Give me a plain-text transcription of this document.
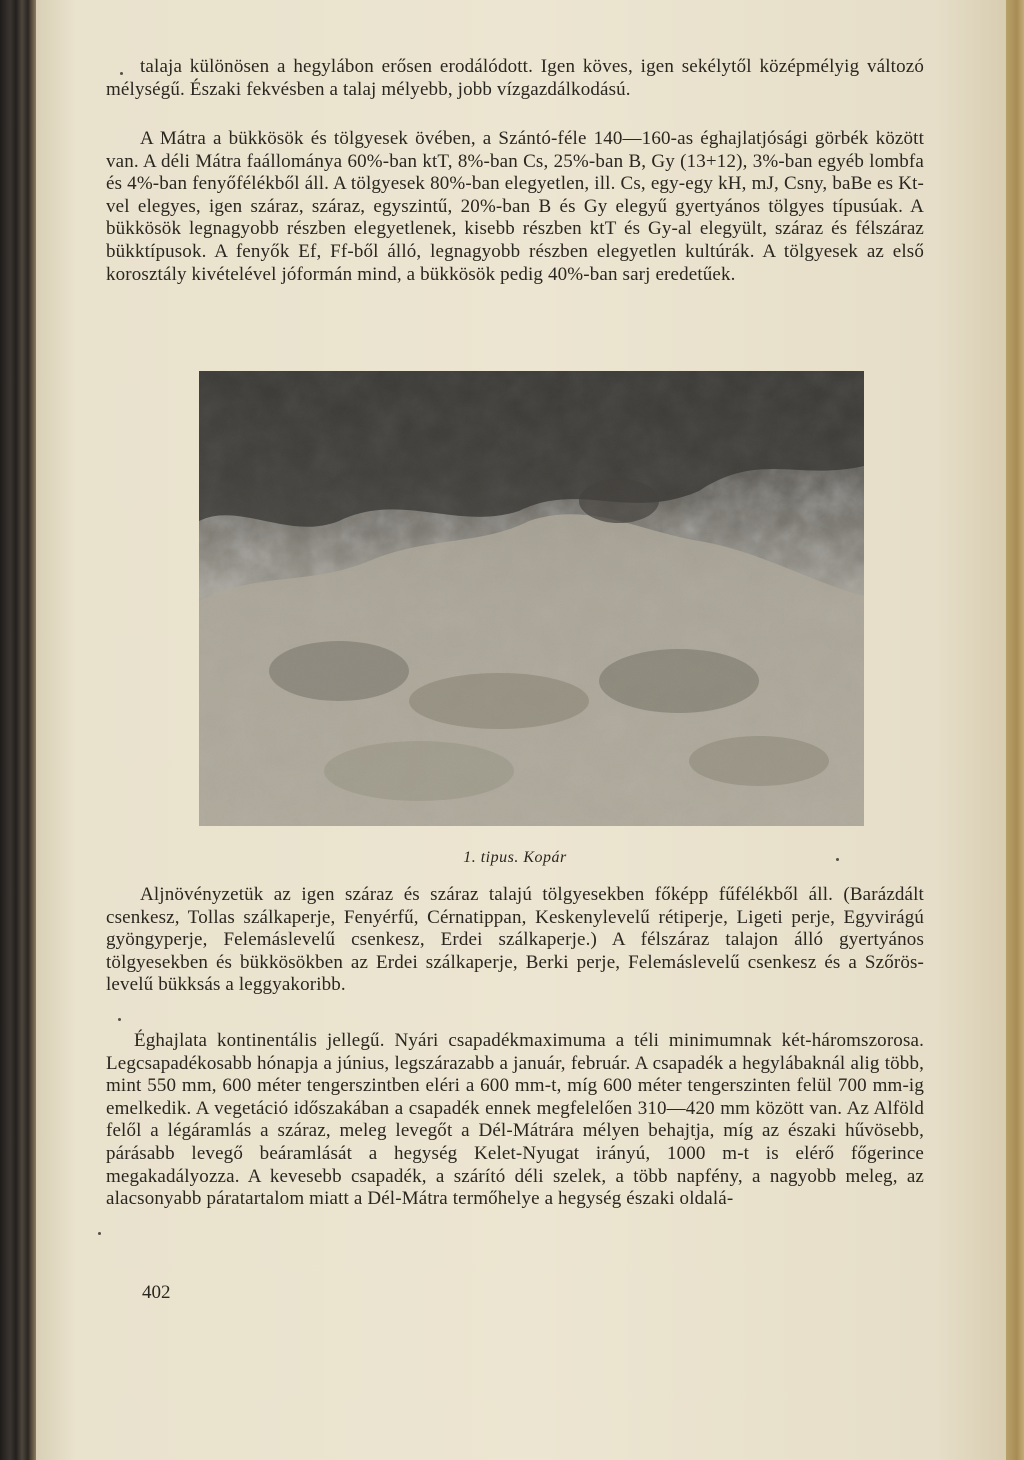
talaja különösen a hegylábon erősen erodálódott. Igen köves, igen sekélytől középmélyig változó mélységű. Északi fekvésben a talaj mélyebb, jobb vízgazdálkodású.

A Mátra a bükkösök és tölgyesek övében, a Szántó-féle 140—160-as éghajlatjósági görbék között van. A déli Mátra faállománya 60%-ban ktT, 8%-ban Cs, 25%-ban B, Gy (13+12), 3%-ban egyéb lombfa és 4%-ban fenyőfélékből áll. A tölgyesek 80%-ban elegyetlen, ill. Cs, egy-egy kH, mJ, Csny, baBe es Kt-vel elegyes, igen száraz, száraz, egyszintű, 20%-ban B és Gy elegyű gyertyános tölgyes típusúak. A bükkösök legnagyobb részben elegyetlenek, kisebb részben ktT és Gy-al elegyült, száraz és félszáraz bükktípusok. A fenyők Ef, Ff-ből álló, legnagyobb részben elegyetlen kultúrák. A tölgyesek az első korosztály kivételével jóformán mind, a bükkösök pedig 40%-ban sarj eredetűek.

1. tipus. Kopár

Aljnövényzetük az igen száraz és száraz talajú tölgyesekben főképp fűfélékből áll. (Barázdált csenkesz, Tollas szálkaperje, Fenyérfű, Cérnatippan, Keskenylevelű rétiperje, Ligeti perje, Egyvirágú gyöngyperje, Felemáslevelű csenkesz, Erdei szálkaperje.) A félszáraz talajon álló gyertyános tölgyesekben és bükkösökben az Erdei szálkaperje, Berki perje, Felemáslevelű csenkesz és a Szőrös-levelű bükksás a leggyakoribb.

Éghajlata kontinentális jellegű. Nyári csapadékmaximuma a téli minimumnak két-háromszorosa. Legcsapadékosabb hónapja a június, legszárazabb a január, február. A csapadék a hegylábaknál alig több, mint 550 mm, 600 méter tengerszintben eléri a 600 mm-t, míg 600 méter tengerszinten felül 700 mm-ig emelkedik. A vegetáció időszakában a csapadék ennek megfelelően 310—420 mm között van. Az Alföld felől a légáramlás a száraz, meleg levegőt a Dél-Mátrára mélyen behajtja, míg az északi hűvösebb, párásabb levegő beáramlását a hegység Kelet-Nyugat irányú, 1000 m-t is elérő főgerince megakadályozza. A kevesebb csapadék, a szárító déli szelek, a több napfény, a nagyobb meleg, az alacsonyabb páratartalom miatt a Dél-Mátra termőhelye a hegység északi oldalá-

402
